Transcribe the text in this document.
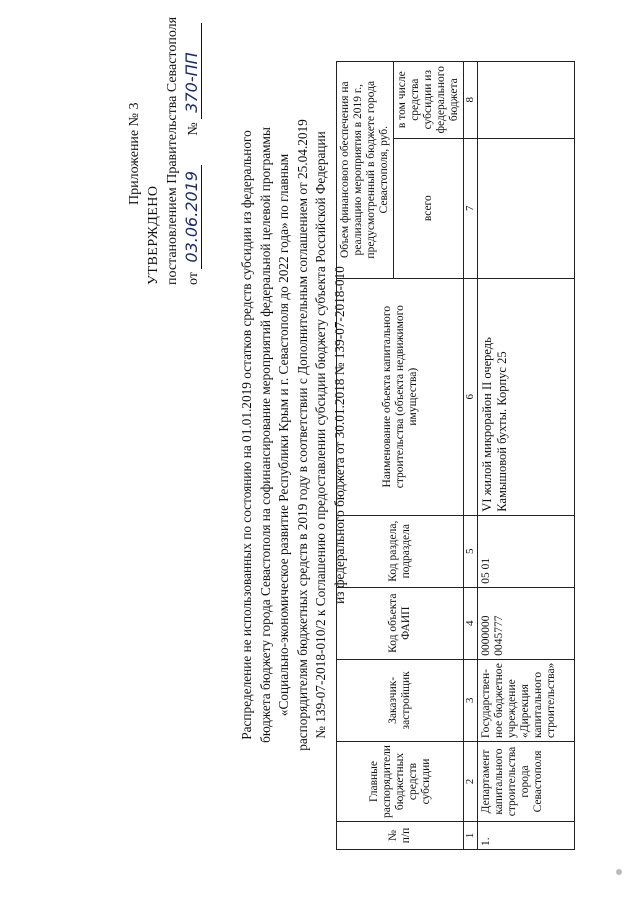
Приложение № 3
УТВЕРЖДЕНО постановлением Правительства Севастополя от 03.06.2019  № 370-ПП
Распределение не использованных по состоянию на 01.01.2019 остатков средств субсидии из федерального бюджета бюджету города Севастополя на софинансирование мероприятий федеральной целевой программы «Социально-экономическое развитие Республики Крым и г. Севастополя до 2022 года» по главным распорядителям бюджетных средств в 2019 году в соответствии с Дополнительным соглашением от 25.04.2019 № 139-07-2018-010/2 к Соглашению о предоставлении субсидии бюджету субъекта Российской Федерации из федерального бюджета от 30.01.2018 № 139-07-2018-010
№ п/п	Главные распорядители бюджетных средств субсидии	Заказчик-застройщик	Код объекта ФАИП	Код раздела, подраздела	Наименование объекта капитального строительства (объекта недвижимого имущества)	Объем финансового обеспечения на реализацию мероприятия в 2019 г., предусмотренный в бюджете города Севастополя, руб.	
						всего	в том числе средства субсидии из федерального бюджета
1	2	3	4	5	6	7	8
1.	Департамент капитального строительства города Севастополя	Государствен-ное бюджетное учреждение «Дирекция капитального строительства»	0000000 0045777	05 01	VI жилой микрорайон II очередь Камышовой бухты. Корпус 25		
